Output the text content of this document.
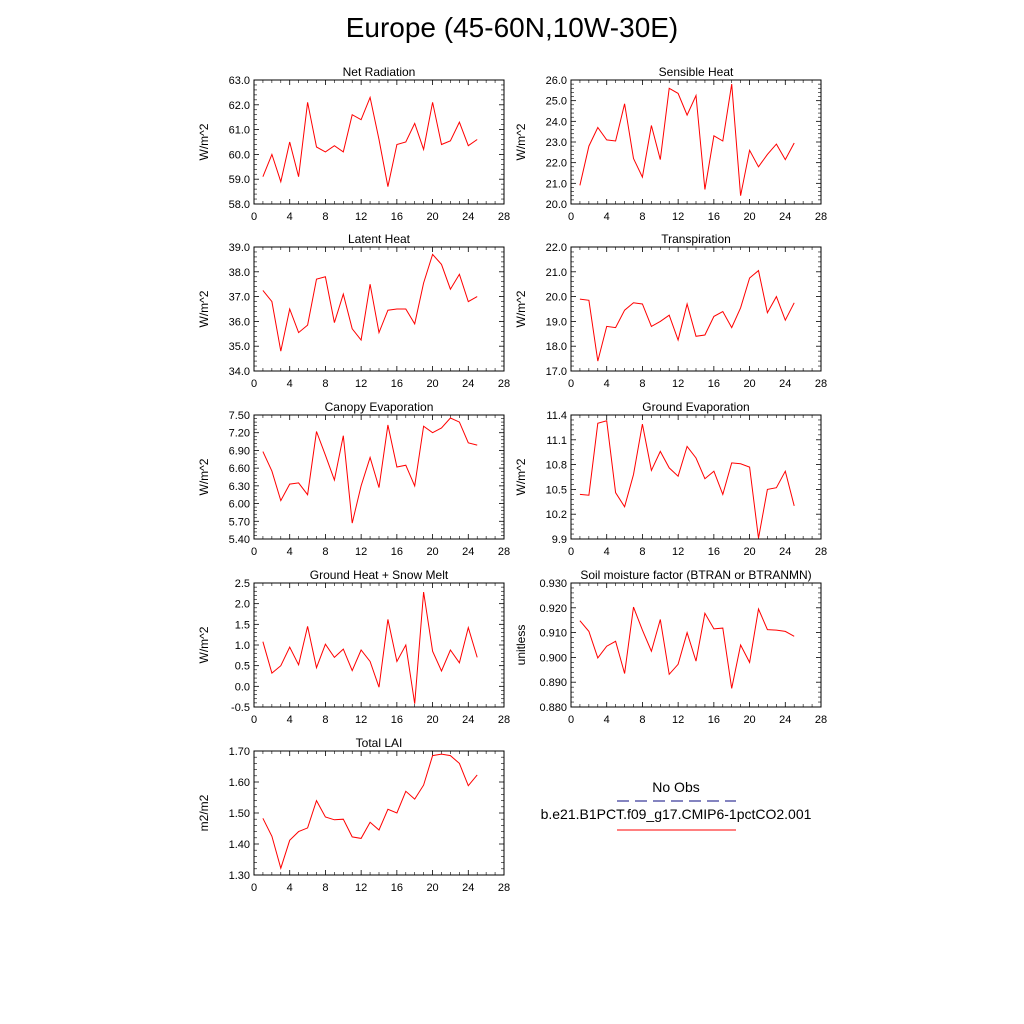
Europe (45-60N,10W-30E)
Net Radiation
W/m^2
0	4	8 12 16 20 24 28
58.0
59.0
60.0
61.0
62.0
63.0
Sensible Heat
W/m^2
0	4	8 12 16 20 24 28
20.0
21.0
22.0
23.0
24.0
25.0
26.0
Latent Heat
W/m^2
0	4	8 12 16 20 24 28
34.0
35.0
36.0
37.0
38.0
39.0
Transpiration
W/m^2
0	4	8 12 16 20 24 28
17.0
18.0
19.0
20.0
21.0
22.0
Canopy Evaporation
W/m^2
0	4	8 12 16 20 24 28
5.40
5.70
6.00
6.30
6.60
6.90
7.20
7.50
Ground Evaporation
W/m^2
0	4	8 12 16 20 24 28
9.9
10.2
10.5
10.8
11.1
11.4
Ground Heat + Snow Melt
W/m^2
0	4	8 12 16 20 24 28
-0.5
0.0
0.5
1.0
1.5
2.0
2.5
Soil moisture factor (BTRAN or BTRANMN)
unitless
0	4	8 12 16 20 24 28
0.880
0.890
0.900
0.910
0.920
0.930
Total LAI
m2/m2
0	4	8 12 16 20 24 28
1.30
1.40
1.50
1.60
1.70
No Obs
b.e21.B1PCT.f09_g17.CMIP6-1pctCO2.001
